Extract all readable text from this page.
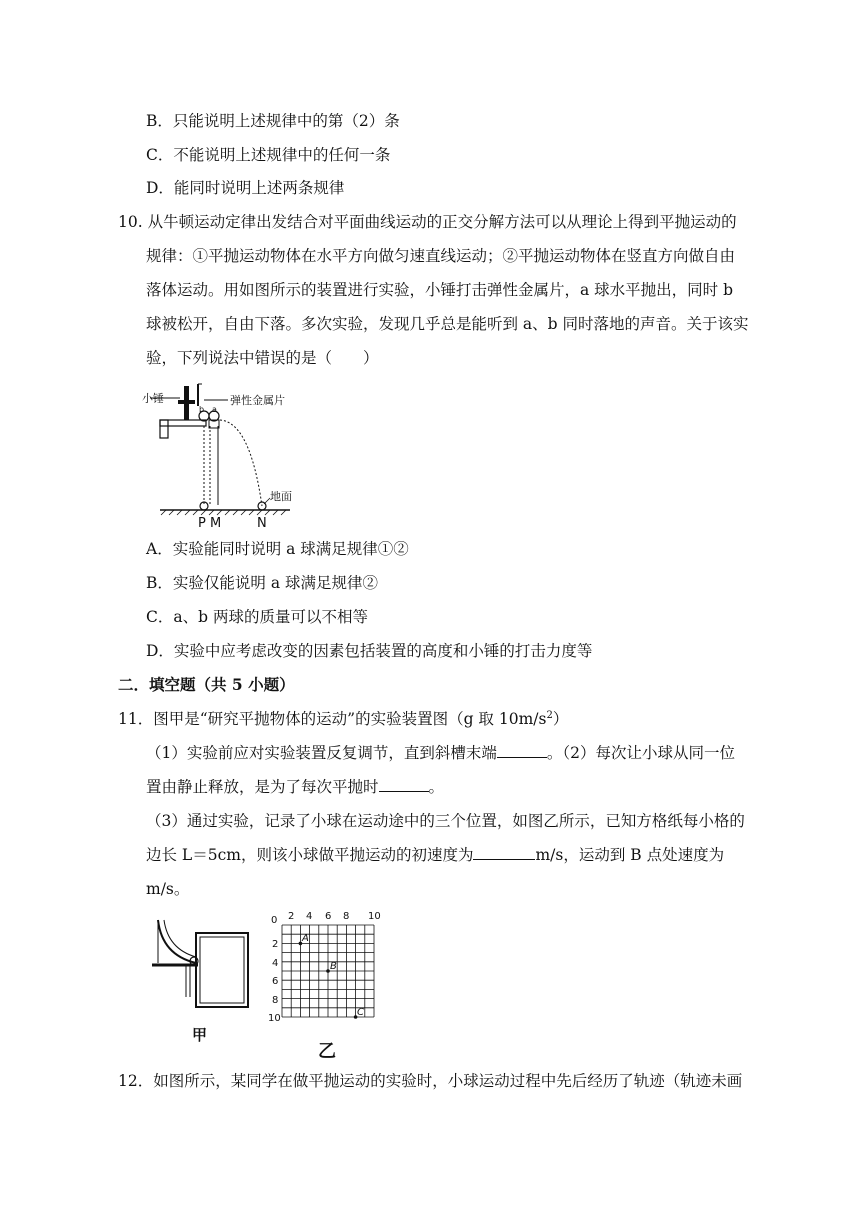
B．只能说明上述规律中的第（2）条
C．不能说明上述规律中的任何一条
D．能同时说明上述两条规律
10. 从牛顿运动定律出发结合对平面曲线运动的正交分解方法可以从理论上得到平抛运动的
规律：①平抛运动物体在水平方向做匀速直线运动；②平抛运动物体在竖直方向做自由
落体运动。用如图所示的装置进行实验，小锤打击弹性金属片，a 球水平抛出，同时 b
球被松开，自由下落。多次实验，发现几乎总是能听到 a、b 同时落地的声音。关于该实
验，下列说法中错误的是（　　）
小锤	弹性金属片
b a
地面
P M	N
A．实验能同时说明 a 球满足规律①②
B．实验仅能说明 a 球满足规律②
C．a、b 两球的质量可以不相等
D．实验中应考虑改变的因素包括装置的高度和小锤的打击力度等
二．填空题（共 5 小题）
11．图甲是“研究平抛物体的运动”的实验装置图（g 取 $10m/s^2$）
（1）实验前应对实验装置反复调节，直到斜槽末端	。（2）每次让小球从同一位
置由静止释放，是为了每次平抛时	。
（3）通过实验，记录了小球在运动途中的三个位置，如图乙所示，已知方格纸每小格的
边长 L＝5cm，则该小球做平抛运动的初速度为	m/s，运动到 B 点处速度为
m/s。
甲
0 2 4 6 8 10
2
4
6
8
10
A
B
C
乙
12．如图所示，某同学在做平抛运动的实验时，小球运动过程中先后经历了轨迹（轨迹未画
